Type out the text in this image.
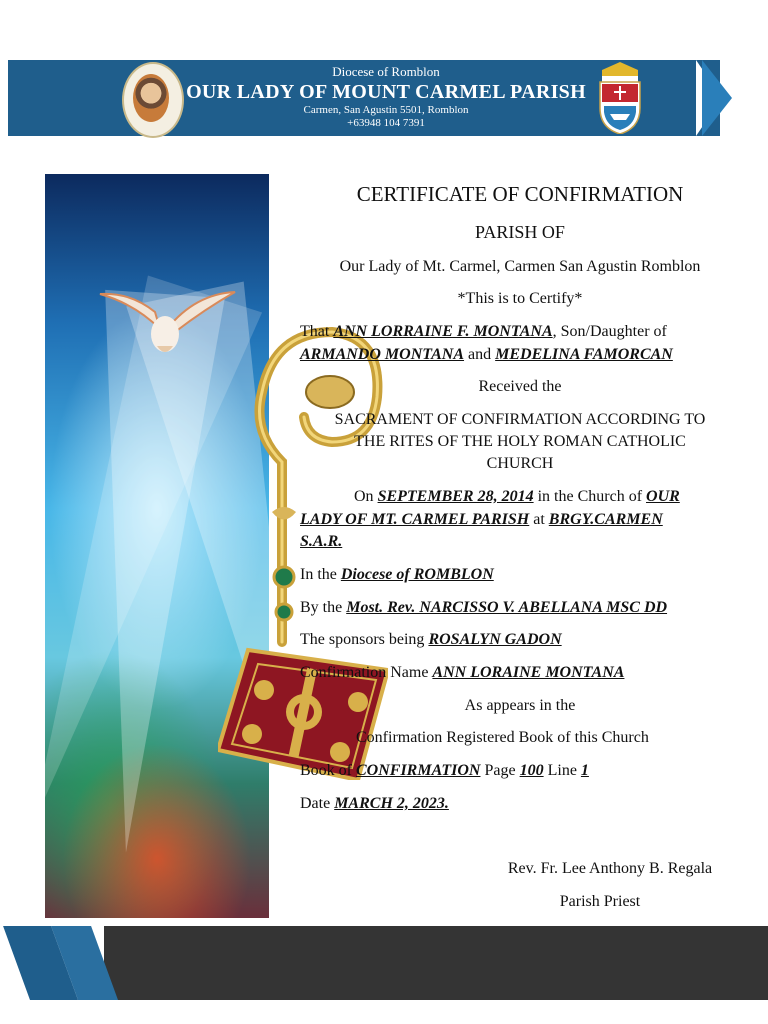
Diocese of Romblon
OUR LADY OF MOUNT CARMEL PARISH
Carmen, San Agustin 5501, Romblon
+63948 104 7391
CERTIFICATE OF CONFIRMATION
PARISH OF
Our Lady of Mt. Carmel, Carmen San Agustin Romblon
*This is to Certify*
That ANN LORRAINE F. MONTANA, Son/Daughter of
ARMANDO MONTANA and MEDELINA FAMORCAN
Received the
SACRAMENT OF CONFIRMATION ACCORDING TO
THE RITES OF THE HOLY ROMAN CATHOLIC
CHURCH
On SEPTEMBER 28, 2014 in the Church of OUR
LADY OF MT. CARMEL PARISH at BRGY.CARMEN
S.A.R.
In the Diocese of ROMBLON
By the Most. Rev. NARCISSO V. ABELLANA MSC DD
The sponsors being ROSALYN GADON
Confirmation Name ANN LORAINE MONTANA
As appears in the
Confirmation Registered Book of this Church
Book of CONFIRMATION Page 100 Line 1
Date MARCH 2, 2023.
Rev. Fr. Lee Anthony B. Regala
Parish Priest
